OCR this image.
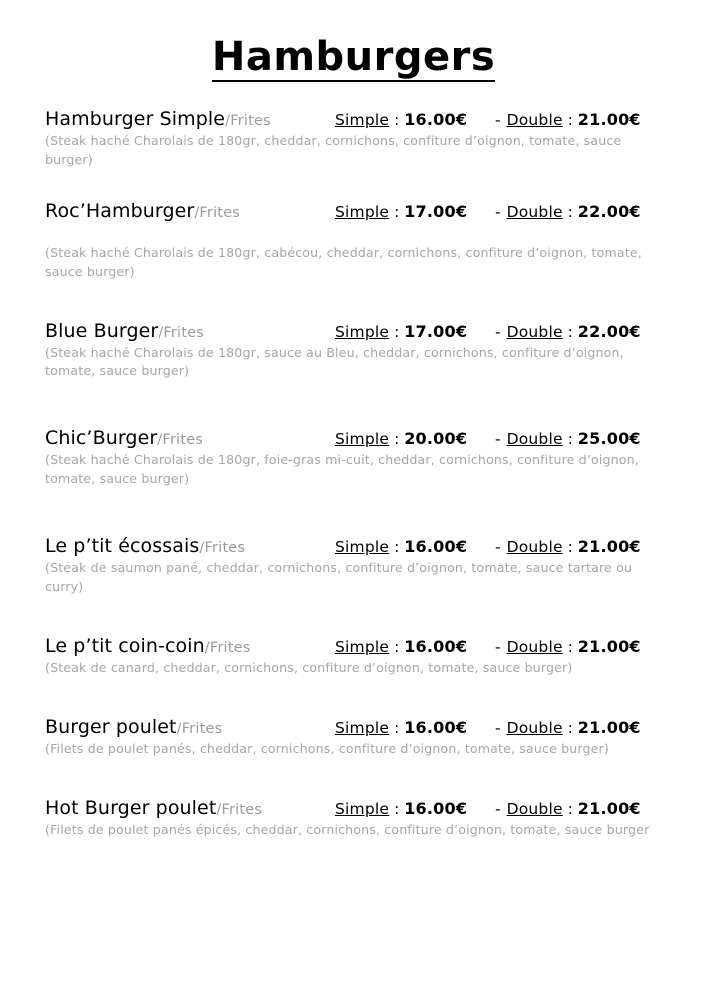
Hamburgers
Hamburger Simple/Frites	Simple : 16.00€	- Double : 21.00€
(Steak haché Charolais de 180gr, cheddar, cornichons, confiture d’oignon, tomate, sauce burger)
Roc’Hamburger/Frites	Simple : 17.00€	- Double : 22.00€
(Steak haché Charolais de 180gr, cabécou, cheddar, cornichons, confiture d’oignon, tomate, sauce burger)
Blue Burger/Frites	Simple : 17.00€	- Double : 22.00€
(Steak haché Charolais de 180gr, sauce au Bleu, cheddar, cornichons, confiture d’oignon, tomate, sauce burger)
Chic’Burger/Frites	Simple : 20.00€	- Double : 25.00€
(Steak haché Charolais de 180gr, foie-gras mi-cuit, cheddar, cornichons, confiture d’oignon, tomate, sauce burger)
Le p’tit écossais/Frites	Simple : 16.00€	- Double : 21.00€
(Steak de saumon pané, cheddar, cornichons, confiture d’oignon, tomate, sauce tartare ou curry)
Le p’tit coin-coin/Frites	Simple : 16.00€	- Double : 21.00€
(Steak de canard, cheddar, cornichons, confiture d’oignon, tomate, sauce burger)
Burger poulet/Frites	Simple : 16.00€	- Double : 21.00€
(Filets de poulet panés, cheddar, cornichons, confiture d’oignon, tomate, sauce burger)
Hot Burger poulet/Frites	Simple : 16.00€	- Double : 21.00€
(Filets de poulet panés épicés, cheddar, cornichons, confiture d’oignon, tomate, sauce burger
